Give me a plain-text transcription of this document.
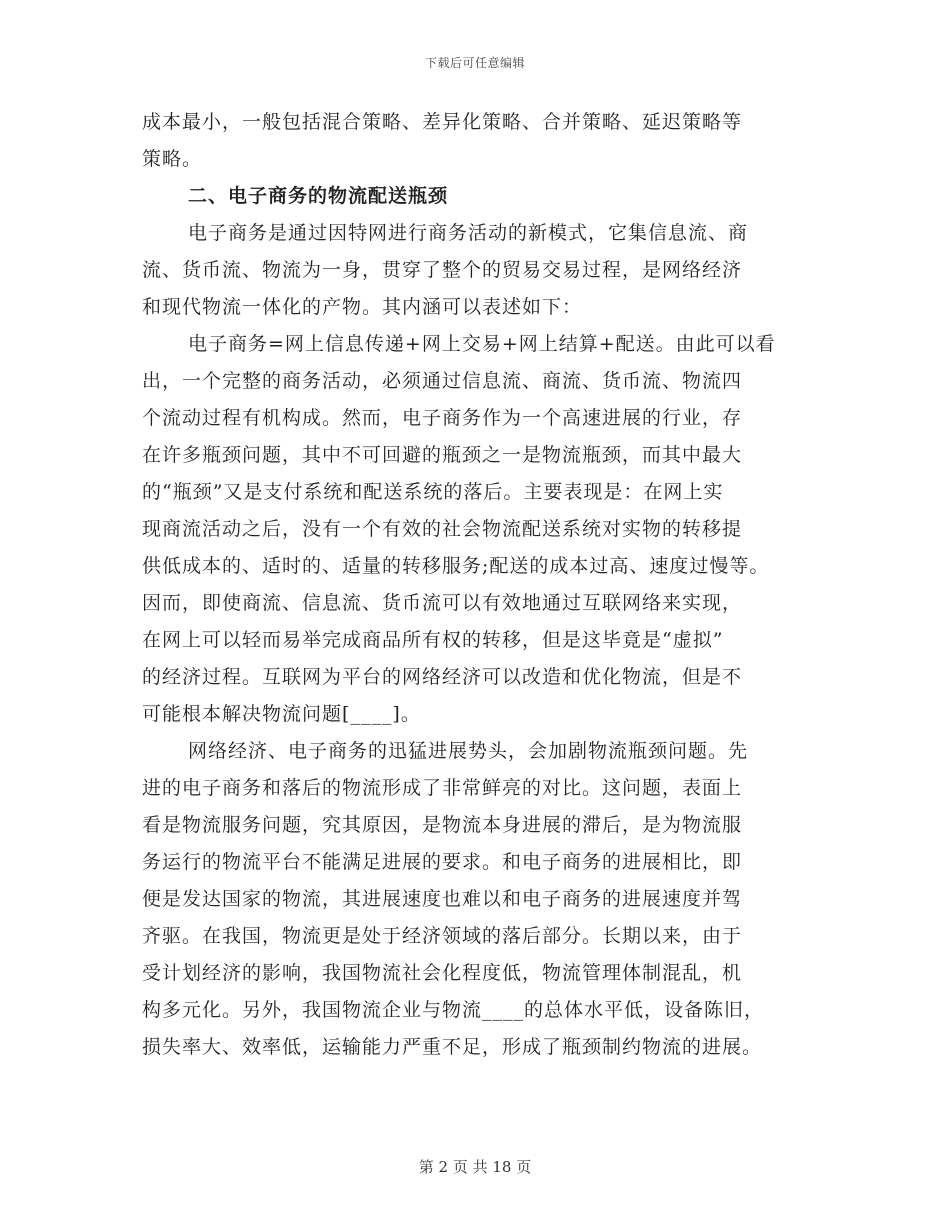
下载后可任意编辑
成本最小，一般包括混合策略、差异化策略、合并策略、延迟策略等
策略。
二、电子商务的物流配送瓶颈
电子商务是通过因特网进行商务活动的新模式，它集信息流、商
流、货币流、物流为一身，贯穿了整个的贸易交易过程，是网络经济
和现代物流一体化的产物。其内涵可以表述如下：
电子商务=网上信息传递+网上交易+网上结算+配送。由此可以看
出，一个完整的商务活动，必须通过信息流、商流、货币流、物流四
个流动过程有机构成。然而，电子商务作为一个高速进展的行业，存
在许多瓶颈问题，其中不可回避的瓶颈之一是物流瓶颈，而其中最大
的“瓶颈”又是支付系统和配送系统的落后。主要表现是：在网上实
现商流活动之后，没有一个有效的社会物流配送系统对实物的转移提
供低成本的、适时的、适量的转移服务;配送的成本过高、速度过慢等。
因而，即使商流、信息流、货币流可以有效地通过互联网络来实现，
在网上可以轻而易举完成商品所有权的转移，但是这毕竟是“虚拟”
的经济过程。互联网为平台的网络经济可以改造和优化物流，但是不
可能根本解决物流问题[____]。
网络经济、电子商务的迅猛进展势头，会加剧物流瓶颈问题。先
进的电子商务和落后的物流形成了非常鲜亮的对比。这问题，表面上
看是物流服务问题，究其原因，是物流本身进展的滞后，是为物流服
务运行的物流平台不能满足进展的要求。和电子商务的进展相比，即
便是发达国家的物流，其进展速度也难以和电子商务的进展速度并驾
齐驱。在我国，物流更是处于经济领域的落后部分。长期以来，由于
受计划经济的影响，我国物流社会化程度低，物流管理体制混乱，机
构多元化。另外，我国物流企业与物流____的总体水平低，设备陈旧，
损失率大、效率低，运输能力严重不足，形成了瓶颈制约物流的进展。
第 2 页 共 18 页
